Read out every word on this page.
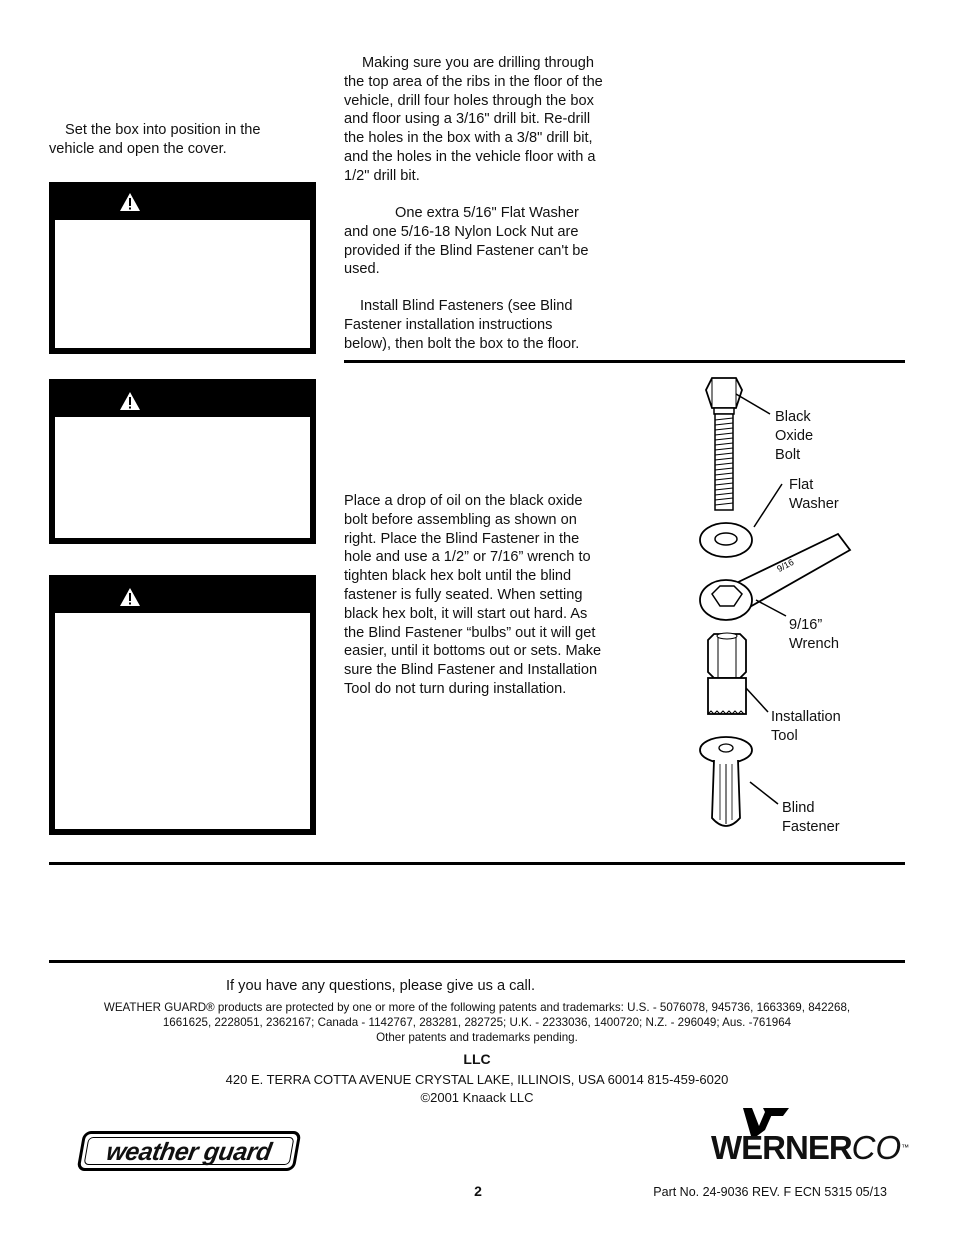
Set the box into position in the vehicle and open the cover.
Making sure you are drilling through the top area of the ribs in the floor of the vehicle, drill four holes through the box and floor using a 3/16" drill bit. Re-drill the holes in the box with a 3/8" drill bit, and the holes in the vehicle floor with a 1/2" drill bit.
One extra 5/16" Flat Washer and one 5/16-18 Nylon Lock Nut are provided if the Blind Fastener can't be used.
Install Blind Fasteners (see Blind Fastener installation instructions below), then bolt the box to the floor.
Place a drop of oil on the black oxide bolt before assembling as shown on right. Place the Blind Fastener in the hole and use a 1/2” or 7/16” wrench to tighten black hex bolt until the blind fastener is fully seated. When setting black hex bolt, it will start out hard. As the Blind Fastener “bulbs” out it will get easier, until it bottoms out or sets. Make sure the Blind Fastener and Installation Tool do not turn during installation.
9/16
Black
Oxide
Bolt
Flat
Washer
9/16”
Wrench
Installation
Tool
Blind
Fastener
If you have any questions, please give us a call.
WEATHER GUARD® products are protected by one or more of the following patents and trademarks: U.S. - 5076078, 945736, 1663369, 842268,
1661625, 2228051, 2362167; Canada - 1142767, 283281, 282725; U.K. - 2233036, 1400720; N.Z. - 296049; Aus. -761964
Other patents and trademarks pending.
LLC
420 E. TERRA COTTA AVENUE CRYSTAL LAKE, ILLINOIS, USA 60014 815-459-6020
©2001 Knaack LLC
weather guard	WERNERCO™
2	Part No. 24-9036 REV. F ECN 5315 05/13
